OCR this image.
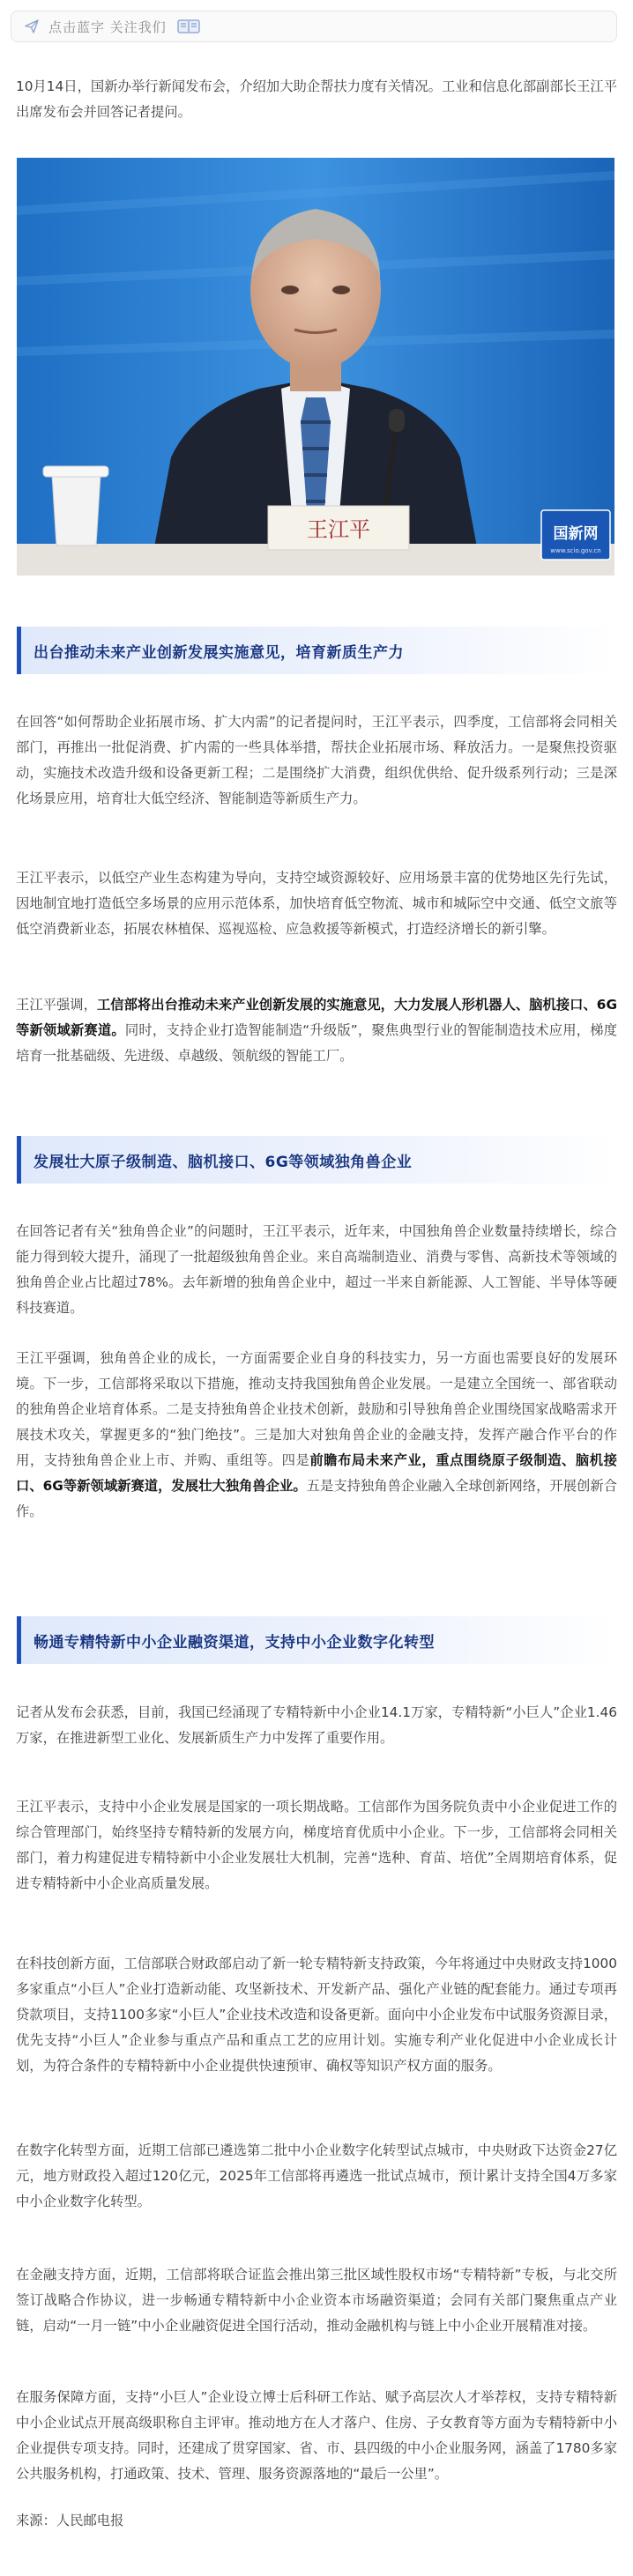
点击蓝字 关注我们

10月14日，国新办举行新闻发布会，介绍加大助企帮扶力度有关情况。工业和信息化部副部长王江平出席发布会并回答记者提问。

王江平	国新网
www.scio.gov.cn
出台推动未来产业创新发展实施意见，培育新质生产力

在回答“如何帮助企业拓展市场、扩大内需”的记者提问时，王江平表示，四季度，工信部将会同相关部门，再推出一批促消费、扩内需的一些具体举措，帮扶企业拓展市场、释放活力。一是聚焦投资驱动，实施技术改造升级和设备更新工程；二是围绕扩大消费，组织优供给、促升级系列行动；三是深化场景应用，培育壮大低空经济、智能制造等新质生产力。

王江平表示，以低空产业生态构建为导向，支持空域资源较好、应用场景丰富的优势地区先行先试，因地制宜地打造低空多场景的应用示范体系，加快培育低空物流、城市和城际空中交通、低空文旅等低空消费新业态，拓展农林植保、巡视巡检、应急救援等新模式，打造经济增长的新引擎。

王江平强调，工信部将出台推动未来产业创新发展的实施意见，大力发展人形机器人、脑机接口、6G等新领域新赛道。同时，支持企业打造智能制造“升级版”，聚焦典型行业的智能制造技术应用，梯度培育一批基础级、先进级、卓越级、领航级的智能工厂。

发展壮大原子级制造、脑机接口、6G等领域独角兽企业

在回答记者有关“独角兽企业”的问题时，王江平表示，近年来，中国独角兽企业数量持续增长，综合能力得到较大提升，涌现了一批超级独角兽企业。来自高端制造业、消费与零售、高新技术等领域的独角兽企业占比超过78%。去年新增的独角兽企业中，超过一半来自新能源、人工智能、半导体等硬科技赛道。

王江平强调，独角兽企业的成长，一方面需要企业自身的科技实力，另一方面也需要良好的发展环境。下一步，工信部将采取以下措施，推动支持我国独角兽企业发展。一是建立全国统一、部省联动的独角兽企业培育体系。二是支持独角兽企业技术创新，鼓励和引导独角兽企业围绕国家战略需求开展技术攻关，掌握更多的“独门绝技”。三是加大对独角兽企业的金融支持，发挥产融合作平台的作用，支持独角兽企业上市、并购、重组等。四是前瞻布局未来产业，重点围绕原子级制造、脑机接口、6G等新领域新赛道，发展壮大独角兽企业。五是支持独角兽企业融入全球创新网络，开展创新合作。

畅通专精特新中小企业融资渠道，支持中小企业数字化转型

记者从发布会获悉，目前，我国已经涌现了专精特新中小企业14.1万家，专精特新“小巨人”企业1.46万家，在推进新型工业化、发展新质生产力中发挥了重要作用。

王江平表示，支持中小企业发展是国家的一项长期战略。工信部作为国务院负责中小企业促进工作的综合管理部门，始终坚持专精特新的发展方向，梯度培育优质中小企业。下一步，工信部将会同相关部门，着力构建促进专精特新中小企业发展壮大机制，完善“选种、育苗、培优”全周期培育体系，促进专精特新中小企业高质量发展。

在科技创新方面，工信部联合财政部启动了新一轮专精特新支持政策，今年将通过中央财政支持1000多家重点“小巨人”企业打造新动能、攻坚新技术、开发新产品、强化产业链的配套能力。通过专项再贷款项目，支持1100多家“小巨人”企业技术改造和设备更新。面向中小企业发布中试服务资源目录，优先支持“小巨人”企业参与重点产品和重点工艺的应用计划。实施专利产业化促进中小企业成长计划，为符合条件的专精特新中小企业提供快速预审、确权等知识产权方面的服务。

在数字化转型方面，近期工信部已遴选第二批中小企业数字化转型试点城市，中央财政下达资金27亿元，地方财政投入超过120亿元，2025年工信部将再遴选一批试点城市，预计累计支持全国4万多家中小企业数字化转型。

在金融支持方面，近期，工信部将联合证监会推出第三批区域性股权市场“专精特新”专板，与北交所签订战略合作协议，进一步畅通专精特新中小企业资本市场融资渠道；会同有关部门聚焦重点产业链，启动“一月一链”中小企业融资促进全国行活动，推动金融机构与链上中小企业开展精准对接。

在服务保障方面，支持“小巨人”企业设立博士后科研工作站、赋予高层次人才举荐权，支持专精特新中小企业试点开展高级职称自主评审。推动地方在人才落户、住房、子女教育等方面为专精特新中小企业提供专项支持。同时，还建成了贯穿国家、省、市、县四级的中小企业服务网，涵盖了1780多家公共服务机构，打通政策、技术、管理、服务资源落地的“最后一公里”。

来源：人民邮电报
